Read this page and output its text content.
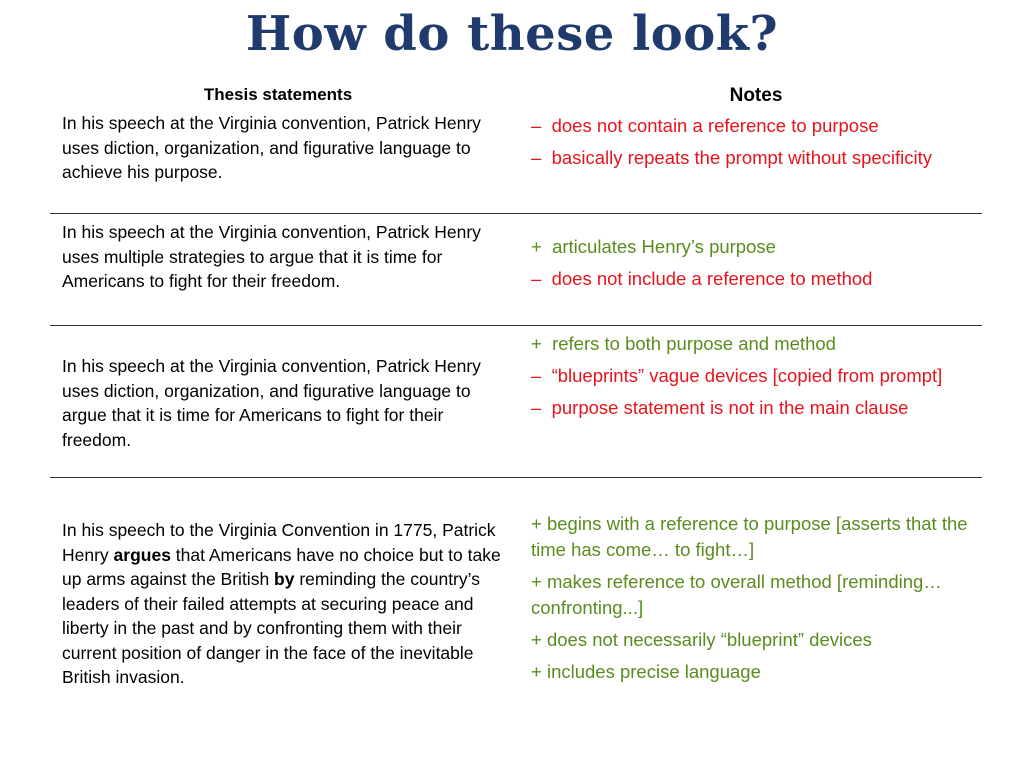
How do these look?
Thesis statements	Notes
In his speech at the Virginia convention, Patrick Henry uses diction, organization, and figurative language to achieve his purpose.

–  does not contain a reference to purpose

–  basically repeats the prompt without specificity

In his speech at the Virginia convention, Patrick Henry uses multiple strategies to argue that it is time for Americans to fight for their freedom.

+  articulates Henry’s purpose

–  does not include a reference to method

In his speech at the Virginia convention, Patrick Henry uses diction, organization, and figurative language to argue that it is time for Americans to fight for their freedom.

+  refers to both purpose and method

–  “blueprints” vague devices [copied from prompt]

–  purpose statement is not in the main clause

In his speech to the Virginia Convention in 1775, Patrick Henry argues that Americans have no choice but to take up arms against the British by reminding the country’s leaders of their failed attempts at securing peace and liberty in the past and by confronting them with their current position of danger in the face of the inevitable British invasion.

+ begins with a reference to purpose [asserts that the time has come… to fight…]

+ makes reference to overall method [reminding…confronting...]

+ does not necessarily “blueprint” devices

+ includes precise language
